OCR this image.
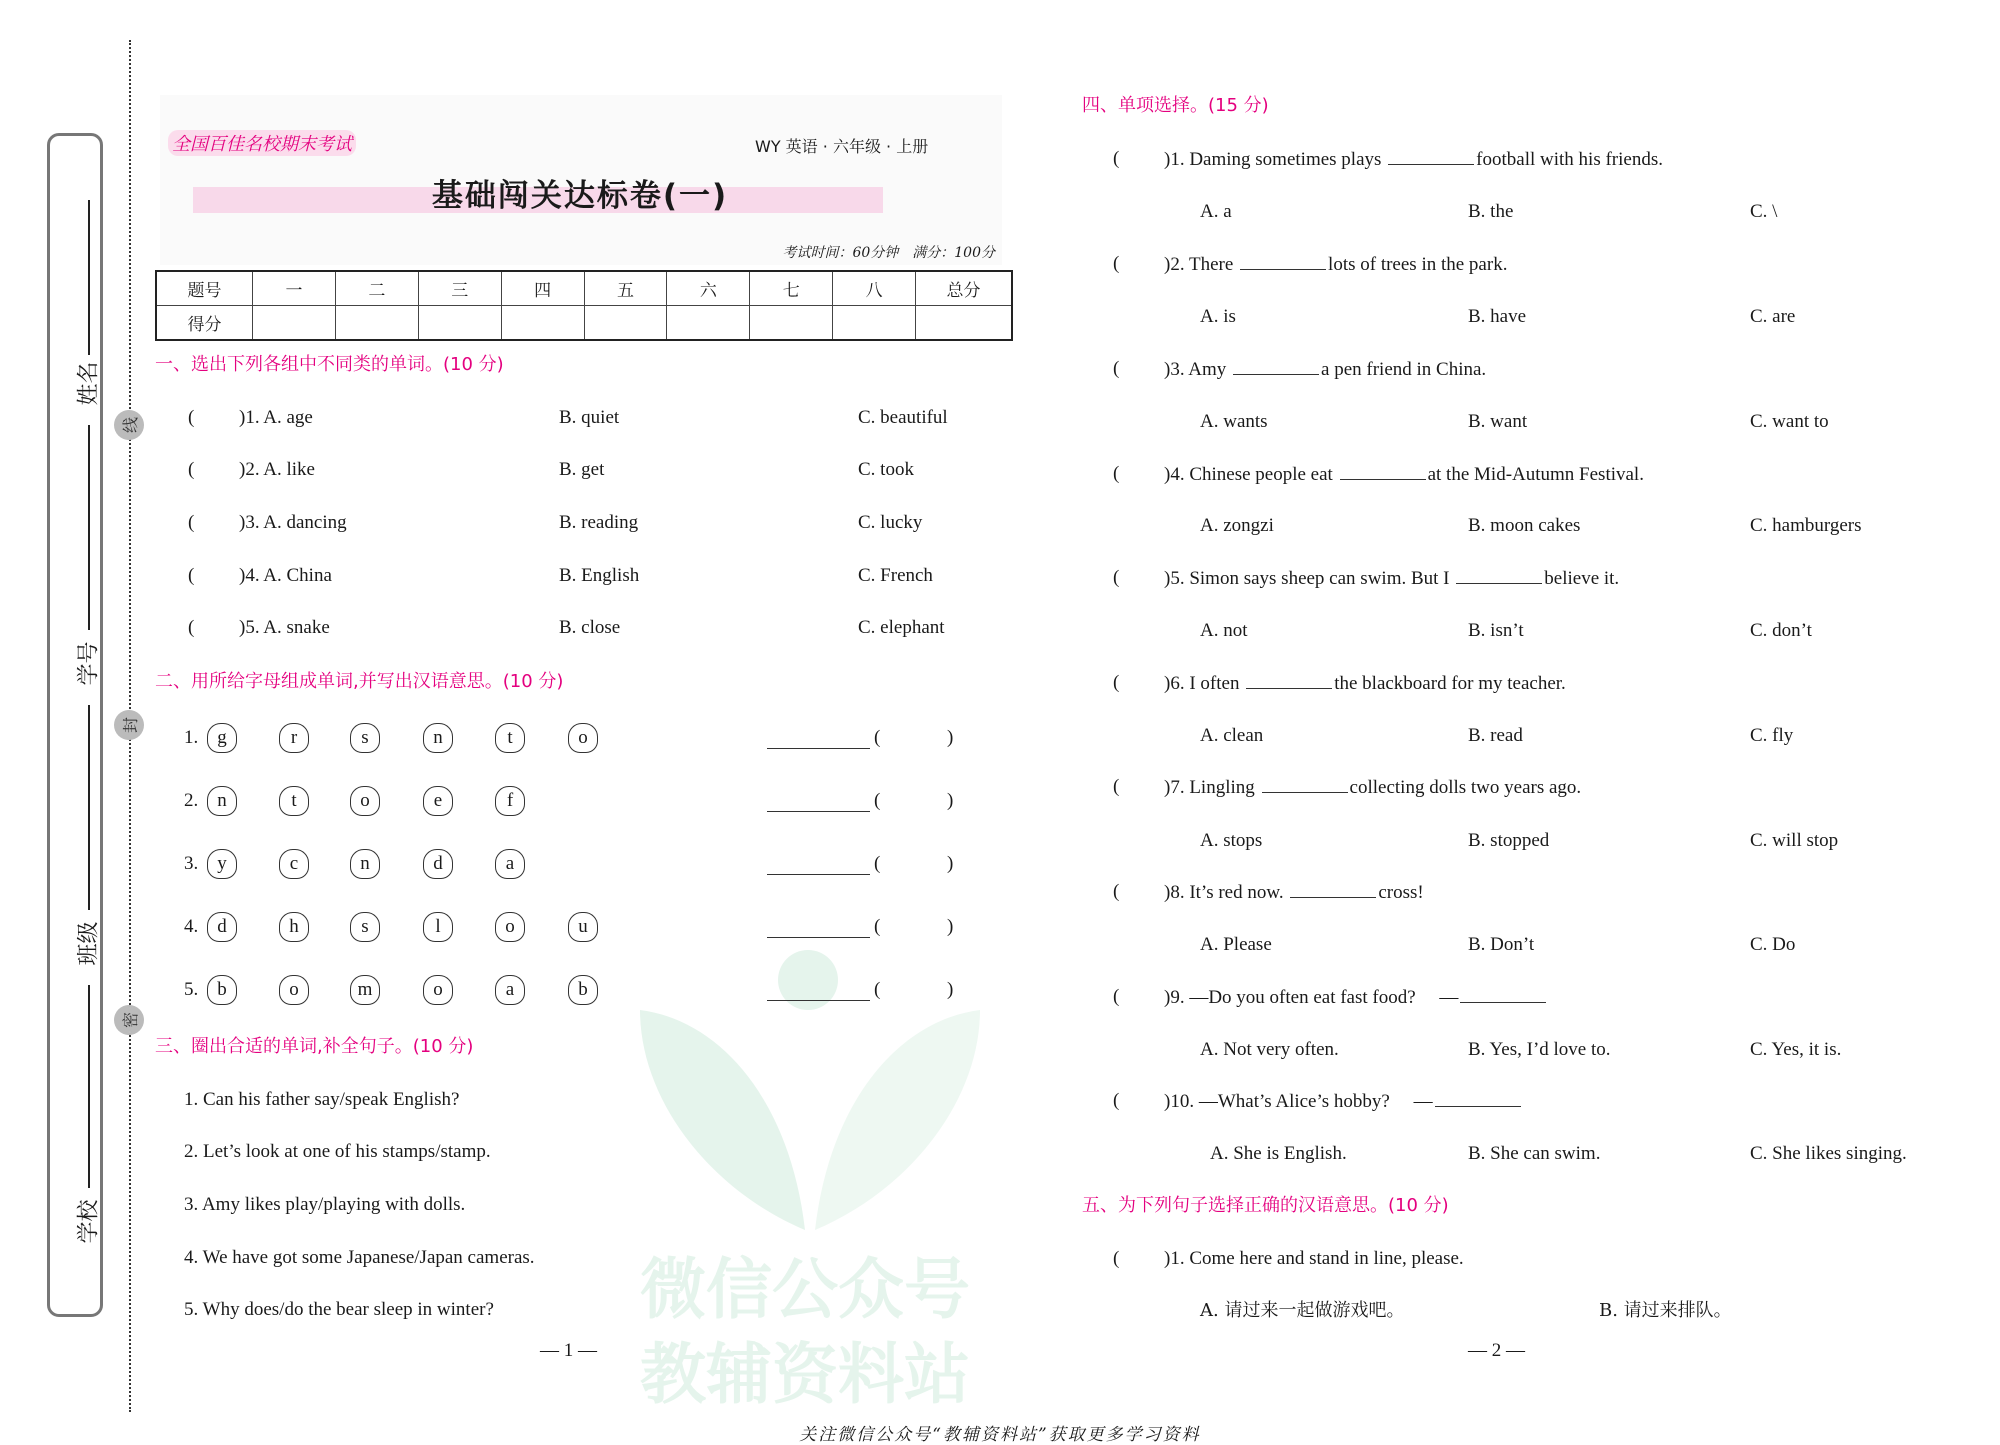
姓名
学号
班级
学校
线
封
密
全国百佳名校期末考试	WY 英语 · 六年级 · 上册
基础闯关达标卷(一)
考试时间：60分钟　满分：100分
题号	一	二	三	四	五	六	七	八	总分
得分									
微信公众号
教辅资料站
一、选出下列各组中不同类的单词。(10 分)
( )1. A. age	B. quiet	C. beautiful
( )2. A. like	B. get	C. took
( )3. A. dancing	B. reading	C. lucky
( )4. A. China	B. English	C. French
( )5. A. snake	B. close	C. elephant
二、用所给字母组成单词,并写出汉语意思。(10 分)
1.	g	r	s	n	t	o	(	)
2.	n	t	o	e	f	(	)
3.	y	c	n	d	a	(	)
4.	d	h	s	l	o	u	(	)
5.	b	o	m	o	a	b	(	)
三、圈出合适的单词,补全句子。(10 分)
1. Can his father say/speak English?
2. Let’s look at one of his stamps/stamp.
3. Amy likes play/playing with dolls.
4. We have got some Japanese/Japan cameras.
5. Why does/do the bear sleep in winter?
四、单项选择。(15 分)
( )1. Daming sometimes plays	football with his friends.
A. a	B. the	C. \
( )2. There	lots of trees in the park.
A. is	B. have	C. are
( )3. Amy	a pen friend in China.
A. wants	B. want	C. want to
( )4. Chinese people eat	at the Mid-Autumn Festival.
A. zongzi	B. moon cakes	C. hamburgers
( )5. Simon says sheep can swim. But I	believe it.
A. not	B. isn’t	C. don’t
( )6. I often	the blackboard for my teacher.
A. clean	B. read	C. fly
( )7. Lingling	collecting dolls two years ago.
A. stops	B. stopped	C. will stop
( )8. It’s red now.	cross!
A. Please	B. Don’t	C. Do
( )9. —Do you often eat fast food?　 —
A. Not very often.	B. Yes, I’d love to.	C. Yes, it is.
( )10. —What’s Alice’s hobby?　 —
A. She is English.	B. She can swim.	C. She likes singing.
五、为下列句子选择正确的汉语意思。(10 分)
( )1. Come here and stand in line, please.
A. 请过来一起做游戏吧。	B. 请过来排队。
— 1 —	— 2 —
关注微信公众号“教辅资料站”获取更多学习资料
